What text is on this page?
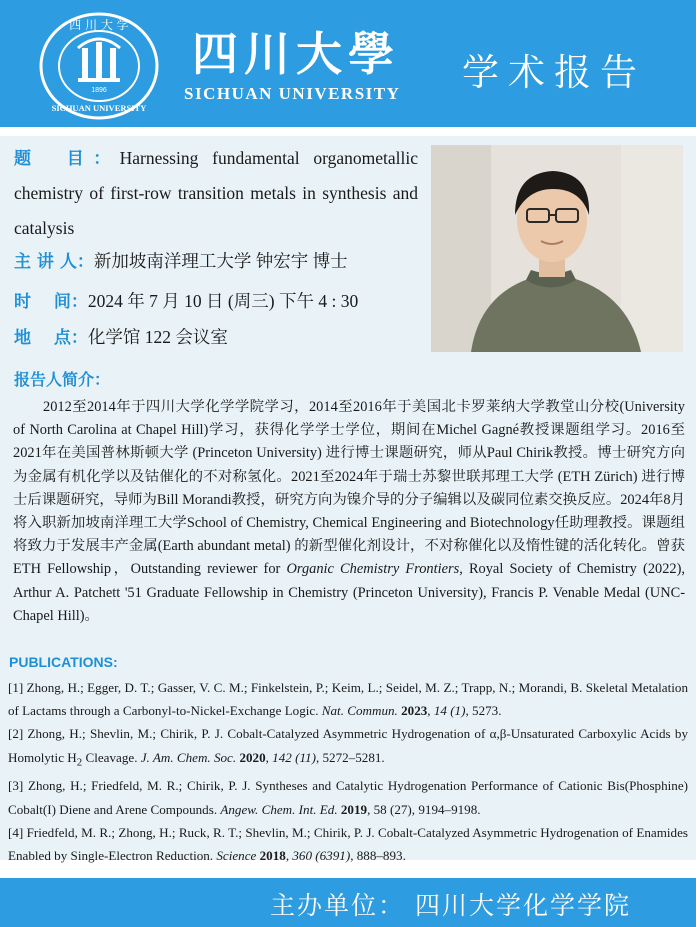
四 川 大 学
SICHUAN UNIVERSITY
1896
四川大學
SICHUAN UNIVERSITY 学术报告
题　目：Harnessing fundamental organometallic chemistry of first-row transition metals in synthesis and catalysis
主 讲 人：新加坡南洋理工大学 钟宏宇 博士
时　 间：2024 年 7 月 10 日 (周三) 下午 4 : 30
地　 点：化学馆 122 会议室
报告人简介：
2012至2014年于四川大学化学学院学习，2014至2016年于美国北卡罗莱纳大学教堂山分校(University of North Carolina at Chapel Hill)学习，获得化学学士学位，期间在Michel Gagné教授课题组学习。2016至2021年在美国普林斯顿大学 (Princeton University) 进行博士课题研究，师从Paul Chirik教授。博士研究方向为金属有机化学以及钴催化的不对称氢化。2021至2024年于瑞士苏黎世联邦理工大学 (ETH Zürich) 进行博士后课题研究，导师为Bill Morandi教授，研究方向为镍介导的分子编辑以及碳同位素交换反应。2024年8月将入职新加坡南洋理工大学School of Chemistry, Chemical Engineering and Biotechnology任助理教授。课题组将致力于发展丰产金属(Earth abundant metal) 的新型催化剂设计，不对称催化以及惰性键的活化转化。曾获ETH Fellowship，Outstanding reviewer for Organic Chemistry Frontiers, Royal Society of Chemistry (2022), Arthur A. Patchett '51 Graduate Fellowship in Chemistry (Princeton University), Francis P. Venable Medal (UNC-Chapel Hill)。
PUBLICATIONS:
[1] Zhong, H.; Egger, D. T.; Gasser, V. C. M.; Finkelstein, P.; Keim, L.; Seidel, M. Z.; Trapp, N.; Morandi, B. Skeletal Metalation of Lactams through a Carbonyl-to-Nickel-Exchange Logic. Nat. Commun. 2023, 14 (1), 5273.
[2] Zhong, H.; Shevlin, M.; Chirik, P. J. Cobalt-Catalyzed Asymmetric Hydrogenation of α,β-Unsaturated Carboxylic Acids by Homolytic $H_2$ Cleavage. J. Am. Chem. Soc. 2020, 142 (11), 5272–5281.
[3] Zhong, H.; Friedfeld, M. R.; Chirik, P. J. Syntheses and Catalytic Hydrogenation Performance of Cationic Bis(Phosphine) Cobalt(I) Diene and Arene Compounds. Angew. Chem. Int. Ed. 2019, 58 (27), 9194–9198.
[4] Friedfeld, M. R.; Zhong, H.; Ruck, R. T.; Shevlin, M.; Chirik, P. J. Cobalt-Catalyzed Asymmetric Hydrogenation of Enamides Enabled by Single-Electron Reduction. Science 2018, 360 (6391), 888–893.
主办单位： 四川大学化学学院
